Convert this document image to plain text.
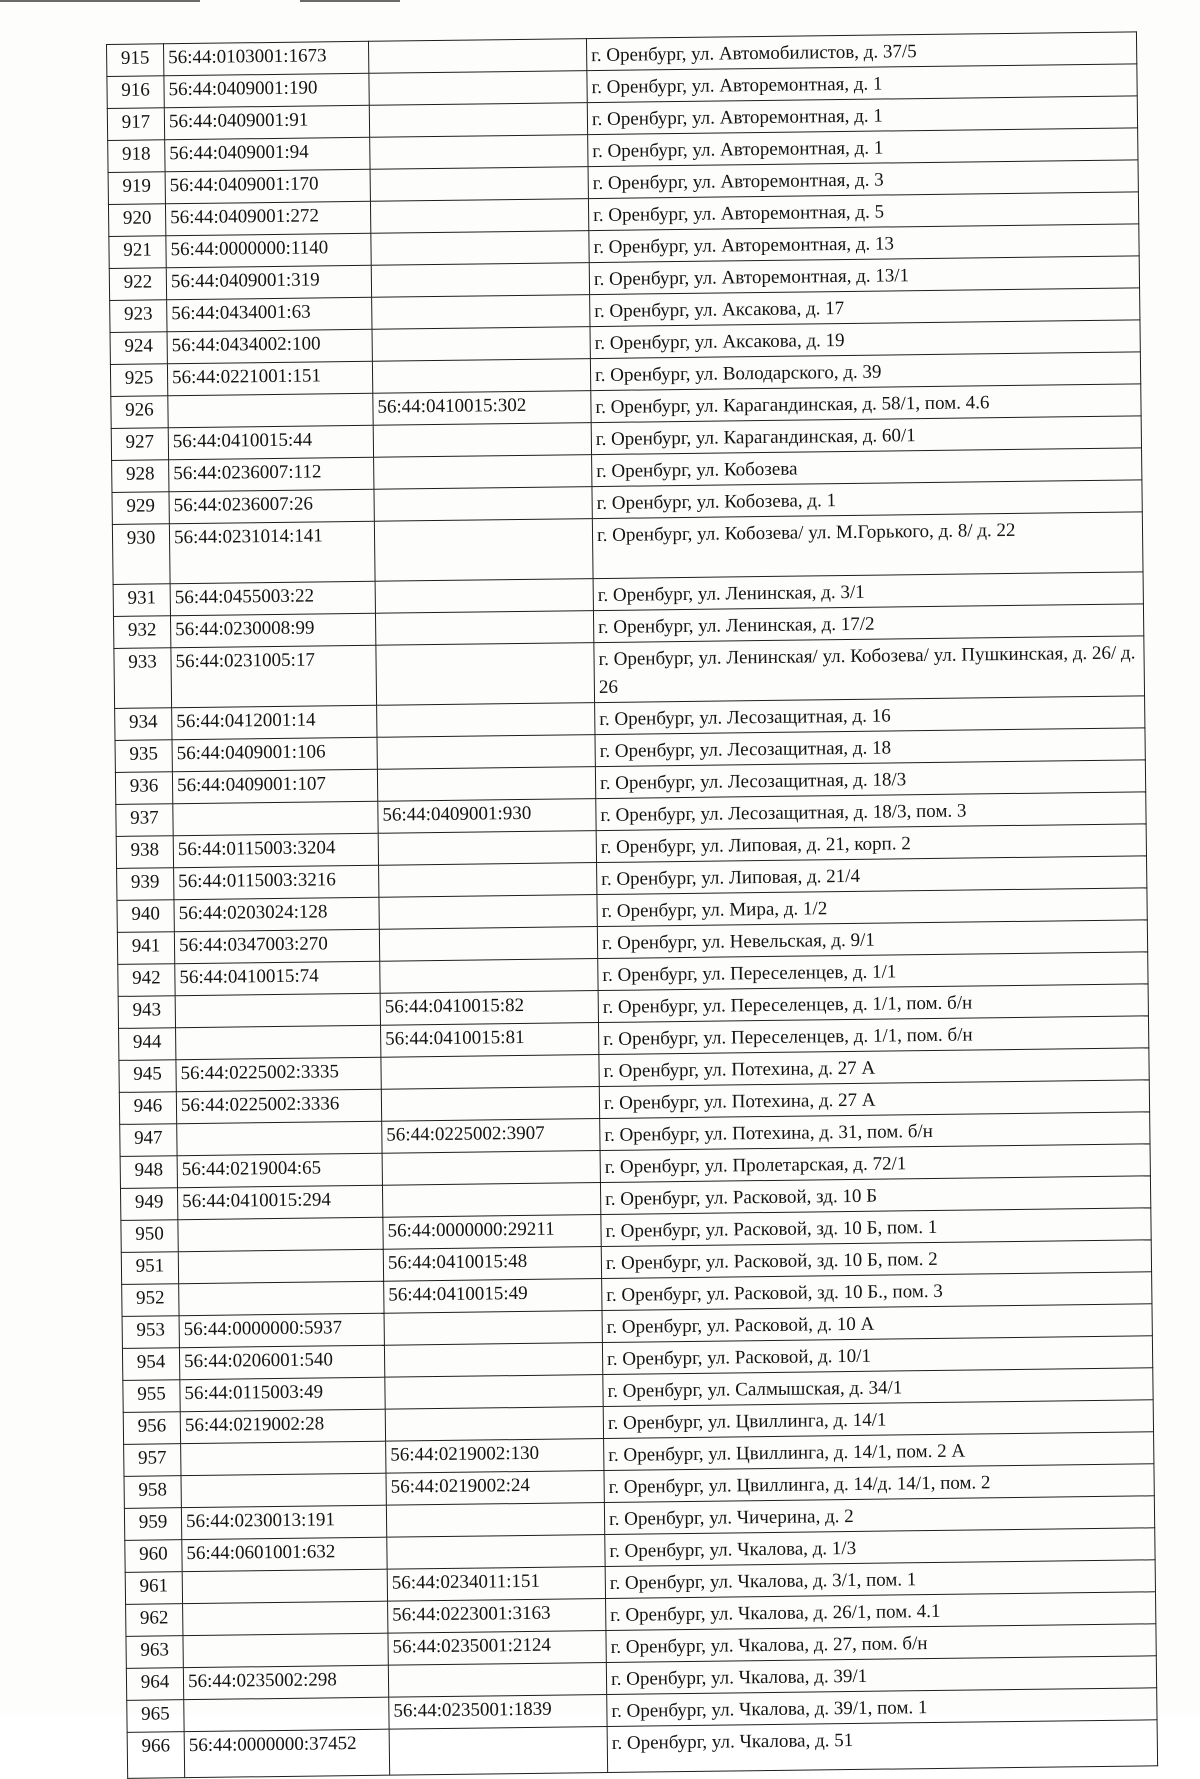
915	56:44:0103001:1673		г. Оренбург, ул. Автомобилистов, д. 37/5
916	56:44:0409001:190		г. Оренбург, ул. Авторемонтная, д. 1
917	56:44:0409001:91		г. Оренбург, ул. Авторемонтная, д. 1
918	56:44:0409001:94		г. Оренбург, ул. Авторемонтная, д. 1
919	56:44:0409001:170		г. Оренбург, ул. Авторемонтная, д. 3
920	56:44:0409001:272		г. Оренбург, ул. Авторемонтная, д. 5
921	56:44:0000000:1140		г. Оренбург, ул. Авторемонтная, д. 13
922	56:44:0409001:319		г. Оренбург, ул. Авторемонтная, д. 13/1
923	56:44:0434001:63		г. Оренбург, ул. Аксакова, д. 17
924	56:44:0434002:100		г. Оренбург, ул. Аксакова, д. 19
925	56:44:0221001:151		г. Оренбург, ул. Володарского, д. 39
926		56:44:0410015:302	г. Оренбург, ул. Карагандинская, д. 58/1, пом. 4.6
927	56:44:0410015:44		г. Оренбург, ул. Карагандинская, д. 60/1
928	56:44:0236007:112		г. Оренбург, ул. Кобозева
929	56:44:0236007:26		г. Оренбург, ул. Кобозева, д. 1
930	56:44:0231014:141		г. Оренбург, ул. Кобозева/ ул. М.Горького, д. 8/ д. 22
931	56:44:0455003:22		г. Оренбург, ул. Ленинская, д. 3/1
932	56:44:0230008:99		г. Оренбург, ул. Ленинская, д. 17/2
933	56:44:0231005:17		г. Оренбург, ул. Ленинская/ ул. Кобозева/ ул. Пушкинская, д. 26/ д. 26
934	56:44:0412001:14		г. Оренбург, ул. Лесозащитная, д. 16
935	56:44:0409001:106		г. Оренбург, ул. Лесозащитная, д. 18
936	56:44:0409001:107		г. Оренбург, ул. Лесозащитная, д. 18/3
937		56:44:0409001:930	г. Оренбург, ул. Лесозащитная, д. 18/3, пом. 3
938	56:44:0115003:3204		г. Оренбург, ул. Липовая, д. 21, корп. 2
939	56:44:0115003:3216		г. Оренбург, ул. Липовая, д. 21/4
940	56:44:0203024:128		г. Оренбург, ул. Мира, д. 1/2
941	56:44:0347003:270		г. Оренбург, ул. Невельская, д. 9/1
942	56:44:0410015:74		г. Оренбург, ул. Переселенцев, д. 1/1
943		56:44:0410015:82	г. Оренбург, ул. Переселенцев, д. 1/1, пом. б/н
944		56:44:0410015:81	г. Оренбург, ул. Переселенцев, д. 1/1, пом. б/н
945	56:44:0225002:3335		г. Оренбург, ул. Потехина, д. 27 А
946	56:44:0225002:3336		г. Оренбург, ул. Потехина, д. 27 А
947		56:44:0225002:3907	г. Оренбург, ул. Потехина, д. 31, пом. б/н
948	56:44:0219004:65		г. Оренбург, ул. Пролетарская, д. 72/1
949	56:44:0410015:294		г. Оренбург, ул. Расковой, зд. 10 Б
950		56:44:0000000:29211	г. Оренбург, ул. Расковой, зд. 10 Б, пом. 1
951		56:44:0410015:48	г. Оренбург, ул. Расковой, зд. 10 Б, пом. 2
952		56:44:0410015:49	г. Оренбург, ул. Расковой, зд. 10 Б., пом. 3
953	56:44:0000000:5937		г. Оренбург, ул. Расковой, д. 10 А
954	56:44:0206001:540		г. Оренбург, ул. Расковой, д. 10/1
955	56:44:0115003:49		г. Оренбург, ул. Салмышская, д. 34/1
956	56:44:0219002:28		г. Оренбург, ул. Цвиллинга, д. 14/1
957		56:44:0219002:130	г. Оренбург, ул. Цвиллинга, д. 14/1, пом. 2 А
958		56:44:0219002:24	г. Оренбург, ул. Цвиллинга, д. 14/д. 14/1, пом. 2
959	56:44:0230013:191		г. Оренбург, ул. Чичерина, д. 2
960	56:44:0601001:632		г. Оренбург, ул. Чкалова, д. 1/3
961		56:44:0234011:151	г. Оренбург, ул. Чкалова, д. 3/1, пом. 1
962		56:44:0223001:3163	г. Оренбург, ул. Чкалова, д. 26/1, пом. 4.1
963		56:44:0235001:2124	г. Оренбург, ул. Чкалова, д. 27, пом. б/н
964	56:44:0235002:298		г. Оренбург, ул. Чкалова, д. 39/1
965		56:44:0235001:1839	г. Оренбург, ул. Чкалова, д. 39/1, пом. 1
966	56:44:0000000:37452		г. Оренбург, ул. Чкалова, д. 51
